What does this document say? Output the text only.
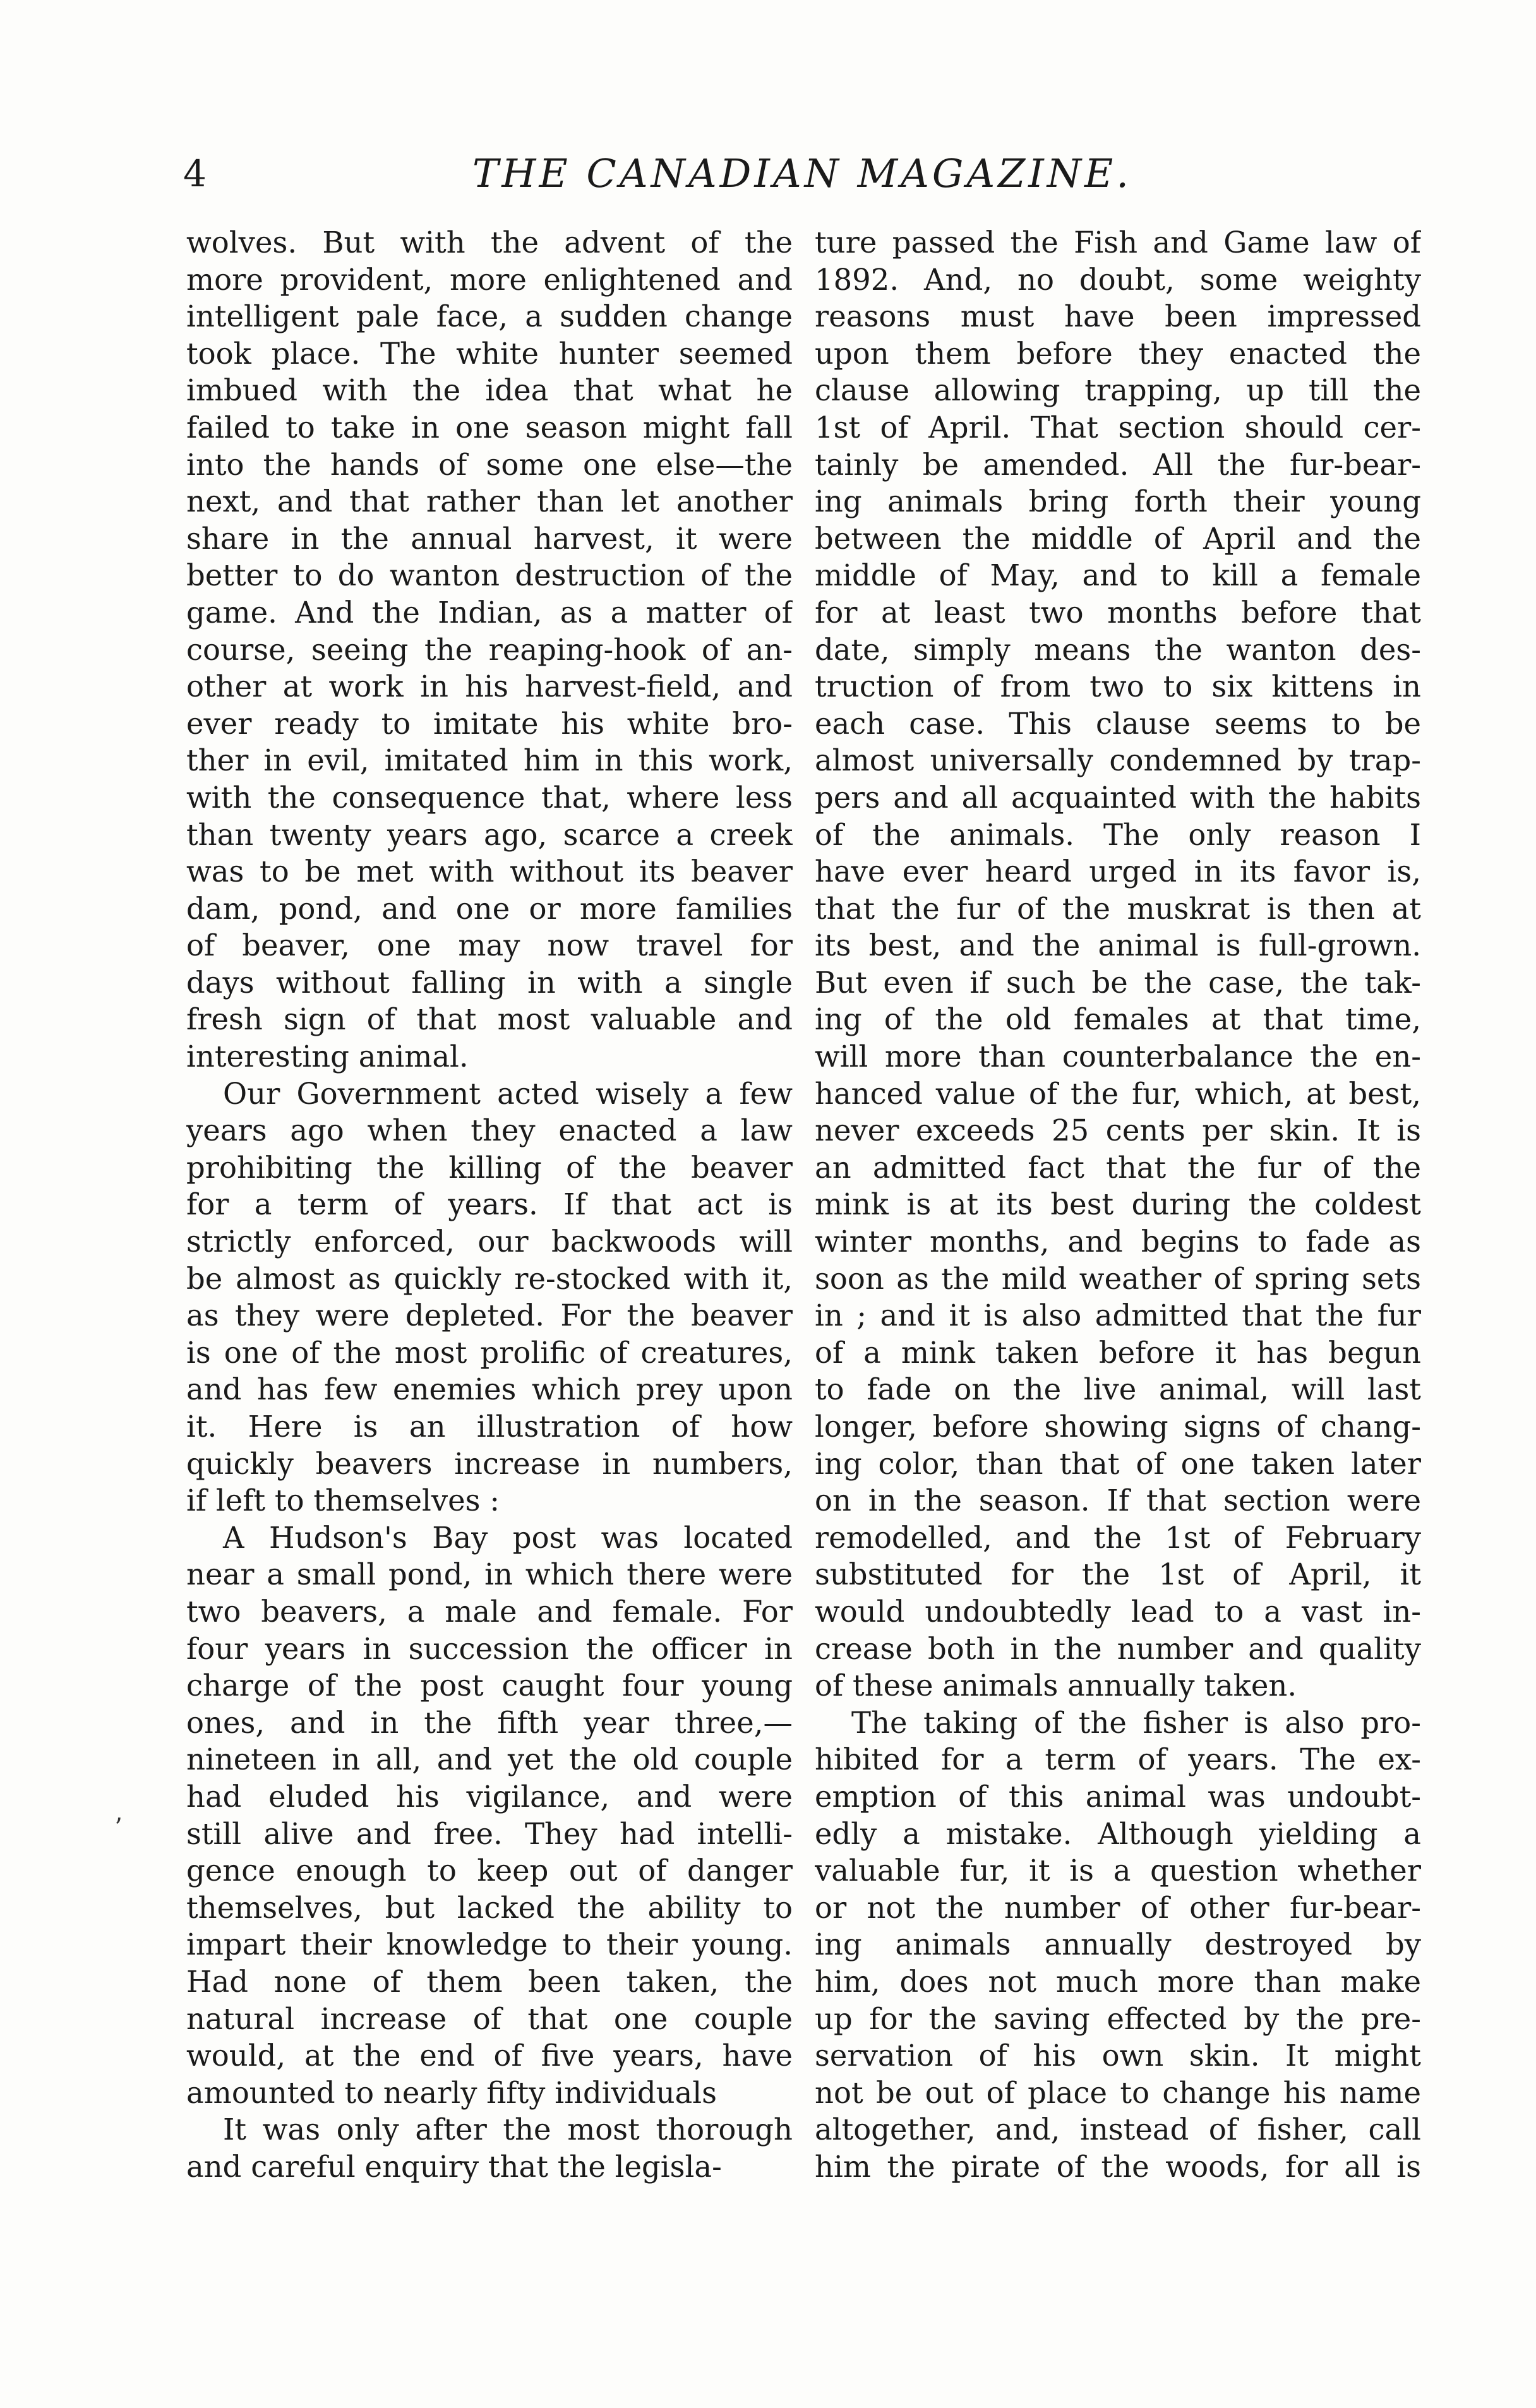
4	THE CANADIAN MAGAZINE.
wolves. But with the advent of the
more provident, more enlightened and
intelligent pale face, a sudden change
took place. The white hunter seemed
imbued with the idea that what he
failed to take in one season might fall
into the hands of some one else—the
next, and that rather than let another
share in the annual harvest, it were
better to do wanton destruction of the
game. And the Indian, as a matter of
course, seeing the reaping-hook of an-
other at work in his harvest-field, and
ever ready to imitate his white bro-
ther in evil, imitated him in this work,
with the consequence that, where less
than twenty years ago, scarce a creek
was to be met with without its beaver
dam, pond, and one or more families
of beaver, one may now travel for
days without falling in with a single
fresh sign of that most valuable and
interesting animal.
Our Government acted wisely a few
years ago when they enacted a law
prohibiting the killing of the beaver
for a term of years. If that act is
strictly enforced, our backwoods will
be almost as quickly re-stocked with it,
as they were depleted. For the beaver
is one of the most prolific of creatures,
and has few enemies which prey upon
it. Here is an illustration of how
quickly beavers increase in numbers,
if left to themselves :
A Hudson's Bay post was located
near a small pond, in which there were
two beavers, a male and female. For
four years in succession the officer in
charge of the post caught four young
ones, and in the fifth year three,—
nineteen in all, and yet the old couple
had eluded his vigilance, and were
still alive and free. They had intelli-
gence enough to keep out of danger
themselves, but lacked the ability to
impart their knowledge to their young.
Had none of them been taken, the
natural increase of that one couple
would, at the end of five years, have
amounted to nearly fifty individuals
It was only after the most thorough
and careful enquiry that the legisla-
ture passed the Fish and Game law of
1892. And, no doubt, some weighty
reasons must have been impressed
upon them before they enacted the
clause allowing trapping, up till the
1st of April. That section should cer-
tainly be amended. All the fur-bear-
ing animals bring forth their young
between the middle of April and the
middle of May, and to kill a female
for at least two months before that
date, simply means the wanton des-
truction of from two to six kittens in
each case. This clause seems to be
almost universally condemned by trap-
pers and all acquainted with the habits
of the animals. The only reason I
have ever heard urged in its favor is,
that the fur of the muskrat is then at
its best, and the animal is full-grown.
But even if such be the case, the tak-
ing of the old females at that time,
will more than counterbalance the en-
hanced value of the fur, which, at best,
never exceeds 25 cents per skin. It is
an admitted fact that the fur of the
mink is at its best during the coldest
winter months, and begins to fade as
soon as the mild weather of spring sets
in ; and it is also admitted that the fur
of a mink taken before it has begun
to fade on the live animal, will last
longer, before showing signs of chang-
ing color, than that of one taken later
on in the season. If that section were
remodelled, and the 1st of February
substituted for the 1st of April, it
would undoubtedly lead to a vast in-
crease both in the number and quality
of these animals annually taken.
The taking of the fisher is also pro-
hibited for a term of years. The ex-
emption of this animal was undoubt-
edly a mistake. Although yielding a
valuable fur, it is a question whether
or not the number of other fur-bear-
ing animals annually destroyed by
him, does not much more than make
up for the saving effected by the pre-
servation of his own skin. It might
not be out of place to change his name
altogether, and, instead of fisher, call
him the pirate of the woods, for all is
ʼ
